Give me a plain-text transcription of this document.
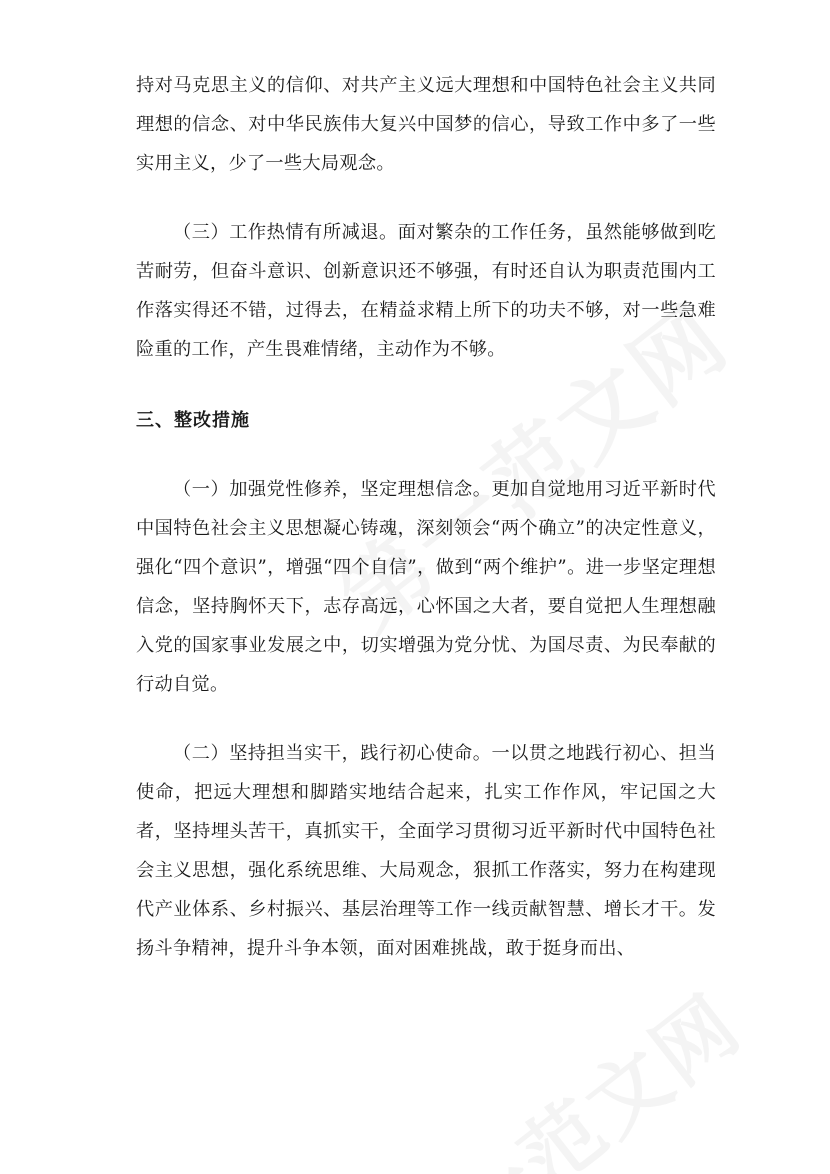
持对马克思主义的信仰、对共产主义远大理想和中国特色社会主义共同理想的信念、对中华民族伟大复兴中国梦的信心，导致工作中多了一些实用主义，少了一些大局观念。

（三）工作热情有所减退。面对繁杂的工作任务，虽然能够做到吃苦耐劳，但奋斗意识、创新意识还不够强，有时还自认为职责范围内工作落实得还不错，过得去，在精益求精上所下的功夫不够，对一些急难险重的工作，产生畏难情绪，主动作为不够。

三、整改措施

（一）加强党性修养，坚定理想信念。更加自觉地用习近平新时代中国特色社会主义思想凝心铸魂，深刻领会“两个确立”的决定性意义，强化“四个意识”，增强“四个自信”，做到“两个维护”。进一步坚定理想信念，坚持胸怀天下，志存高远，心怀国之大者，要自觉把人生理想融入党的国家事业发展之中，切实增强为党分忧、为国尽责、为民奉献的行动自觉。

（二）坚持担当实干，践行初心使命。一以贯之地践行初心、担当使命，把远大理想和脚踏实地结合起来，扎实工作作风，牢记国之大者，坚持埋头苦干，真抓实干，全面学习贯彻习近平新时代中国特色社会主义思想，强化系统思维、大局观念，狠抓工作落实，努力在构建现代产业体系、乡村振兴、基层治理等工作一线贡献智慧、增长才干。发扬斗争精神，提升斗争本领，面对困难挑战，敢于挺身而出、
